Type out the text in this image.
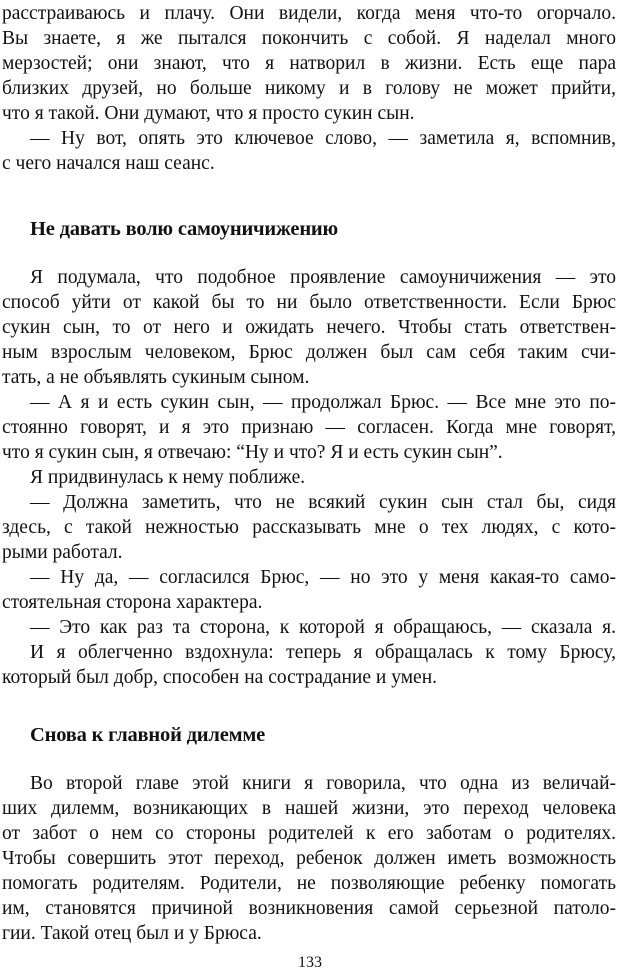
расстраиваюсь и плачу. Они видели, когда меня что-то огорчало.
Вы знаете, я же пытался покончить с собой. Я наделал много
мерзостей; они знают, что я натворил в жизни. Есть еще пара
близких друзей, но больше никому и в голову не может прийти,
что я такой. Они думают, что я просто сукин сын.
— Ну вот, опять это ключевое слово, — заметила я, вспомнив,
с чего начался наш сеанс.
Не давать волю самоуничижению
Я подумала, что подобное проявление самоуничижения — это
способ уйти от какой бы то ни было ответственности. Если Брюс
сукин сын, то от него и ожидать нечего. Чтобы стать ответствен-
ным взрослым человеком, Брюс должен был сам себя таким счи-
тать, а не объявлять сукиным сыном.
— А я и есть сукин сын, — продолжал Брюс. — Все мне это по-
стоянно говорят, и я это признаю — согласен. Когда мне говорят,
что я сукин сын, я отвечаю: “Ну и что? Я и есть сукин сын”.
Я придвинулась к нему поближе.
— Должна заметить, что не всякий сукин сын стал бы, сидя
здесь, с такой нежностью рассказывать мне о тех людях, с кото-
рыми работал.
— Ну да, — согласился Брюс, — но это у меня какая-то само-
стоятельная сторона характера.
— Это как раз та сторона, к которой я обращаюсь, — сказала я.
И я облегченно вздохнула: теперь я обращалась к тому Брюсу,
который был добр, способен на сострадание и умен.
Снова к главной дилемме
Во второй главе этой книги я говорила, что одна из величай-
ших дилемм, возникающих в нашей жизни, это переход человека
от забот о нем со стороны родителей к его заботам о родителях.
Чтобы совершить этот переход, ребенок должен иметь возможность
помогать родителям. Родители, не позволяющие ребенку помогать
им, становятся причиной возникновения самой серьезной патоло-
гии. Такой отец был и у Брюса.
133
